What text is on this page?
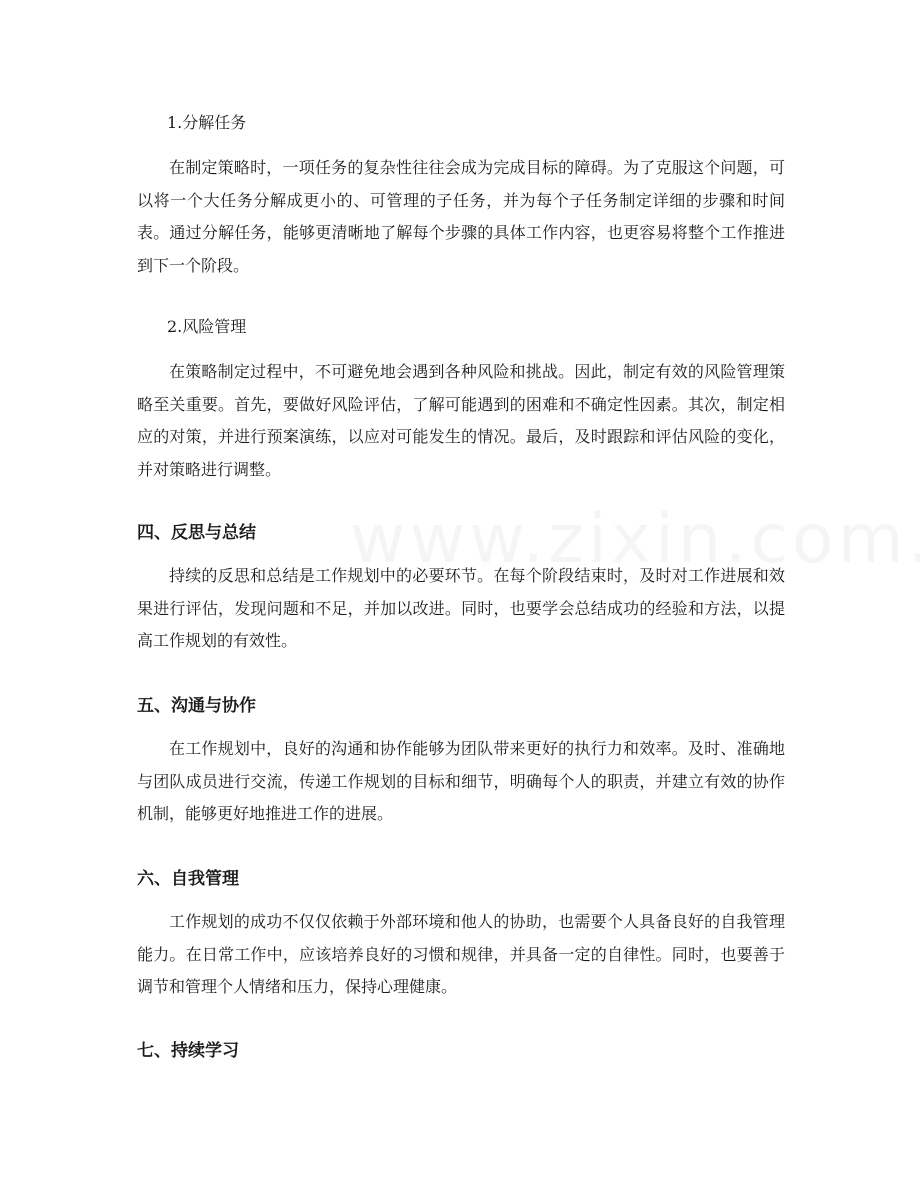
1.分解任务

在制定策略时，一项任务的复杂性往往会成为完成目标的障碍。为了克服这个问题，可以将一个大任务分解成更小的、可管理的子任务，并为每个子任务制定详细的步骤和时间表。通过分解任务，能够更清晰地了解每个步骤的具体工作内容，也更容易将整个工作推进到下一个阶段。

2.风险管理

在策略制定过程中，不可避免地会遇到各种风险和挑战。因此，制定有效的风险管理策略至关重要。首先，要做好风险评估，了解可能遇到的困难和不确定性因素。其次，制定相应的对策，并进行预案演练，以应对可能发生的情况。最后，及时跟踪和评估风险的变化，并对策略进行调整。

四、反思与总结

持续的反思和总结是工作规划中的必要环节。在每个阶段结束时，及时对工作进展和效果进行评估，发现问题和不足，并加以改进。同时，也要学会总结成功的经验和方法，以提高工作规划的有效性。

五、沟通与协作

在工作规划中，良好的沟通和协作能够为团队带来更好的执行力和效率。及时、准确地与团队成员进行交流，传递工作规划的目标和细节，明确每个人的职责，并建立有效的协作机制，能够更好地推进工作的进展。

六、自我管理

工作规划的成功不仅仅依赖于外部环境和他人的协助，也需要个人具备良好的自我管理能力。在日常工作中，应该培养良好的习惯和规律，并具备一定的自律性。同时，也要善于调节和管理个人情绪和压力，保持心理健康。

七、持续学习
